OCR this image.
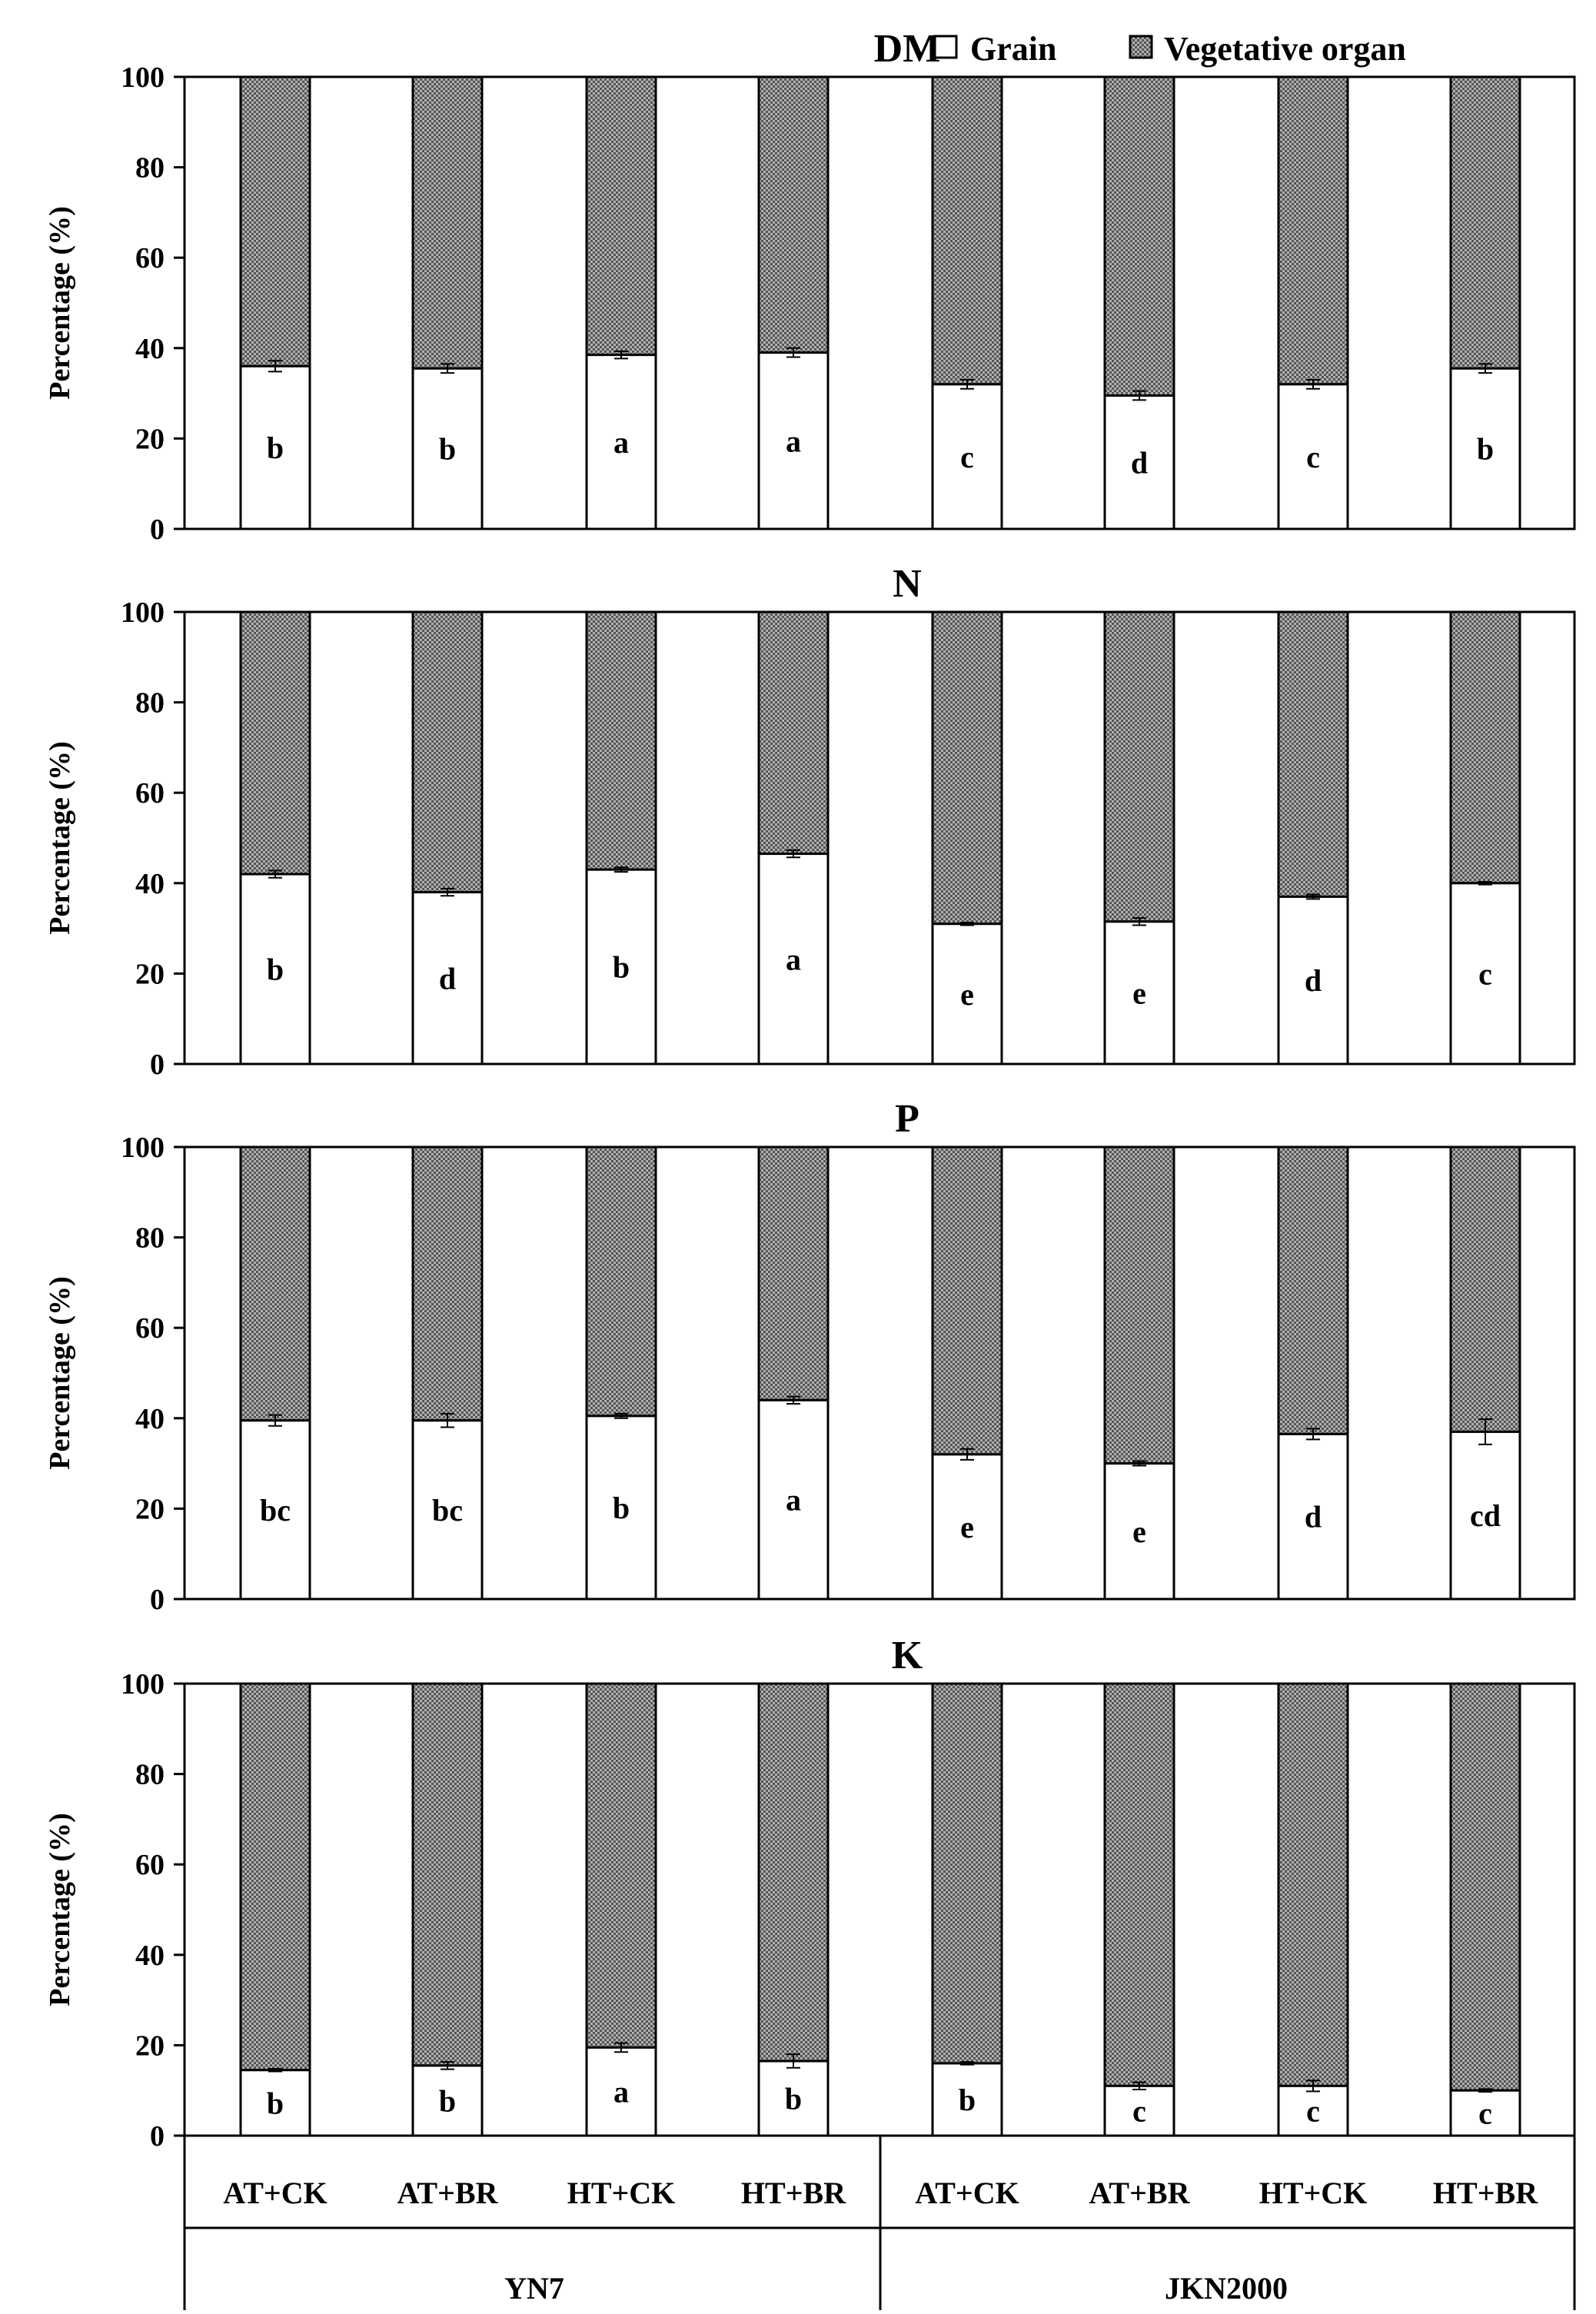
Grain	Vegetative organ
DM
0
20
40
60
80
100
Percentage (%)
b	b	a	a	c	d	c	b
N
0
20
40
60
80
100
Percentage (%)
b	d	b	a
e	e	d	c
P
0
20
40
60
80
100
Percentage (%)
bc	bc	b	a
e	e	d	cd
K
0
20
40
60
80
100
Percentage (%)
b	b	a	b	b	c	c	c
AT+CK AT+BR HT+CK HT+BR AT+CK AT+BR HT+CK HT+BR
YN7	JKN2000
